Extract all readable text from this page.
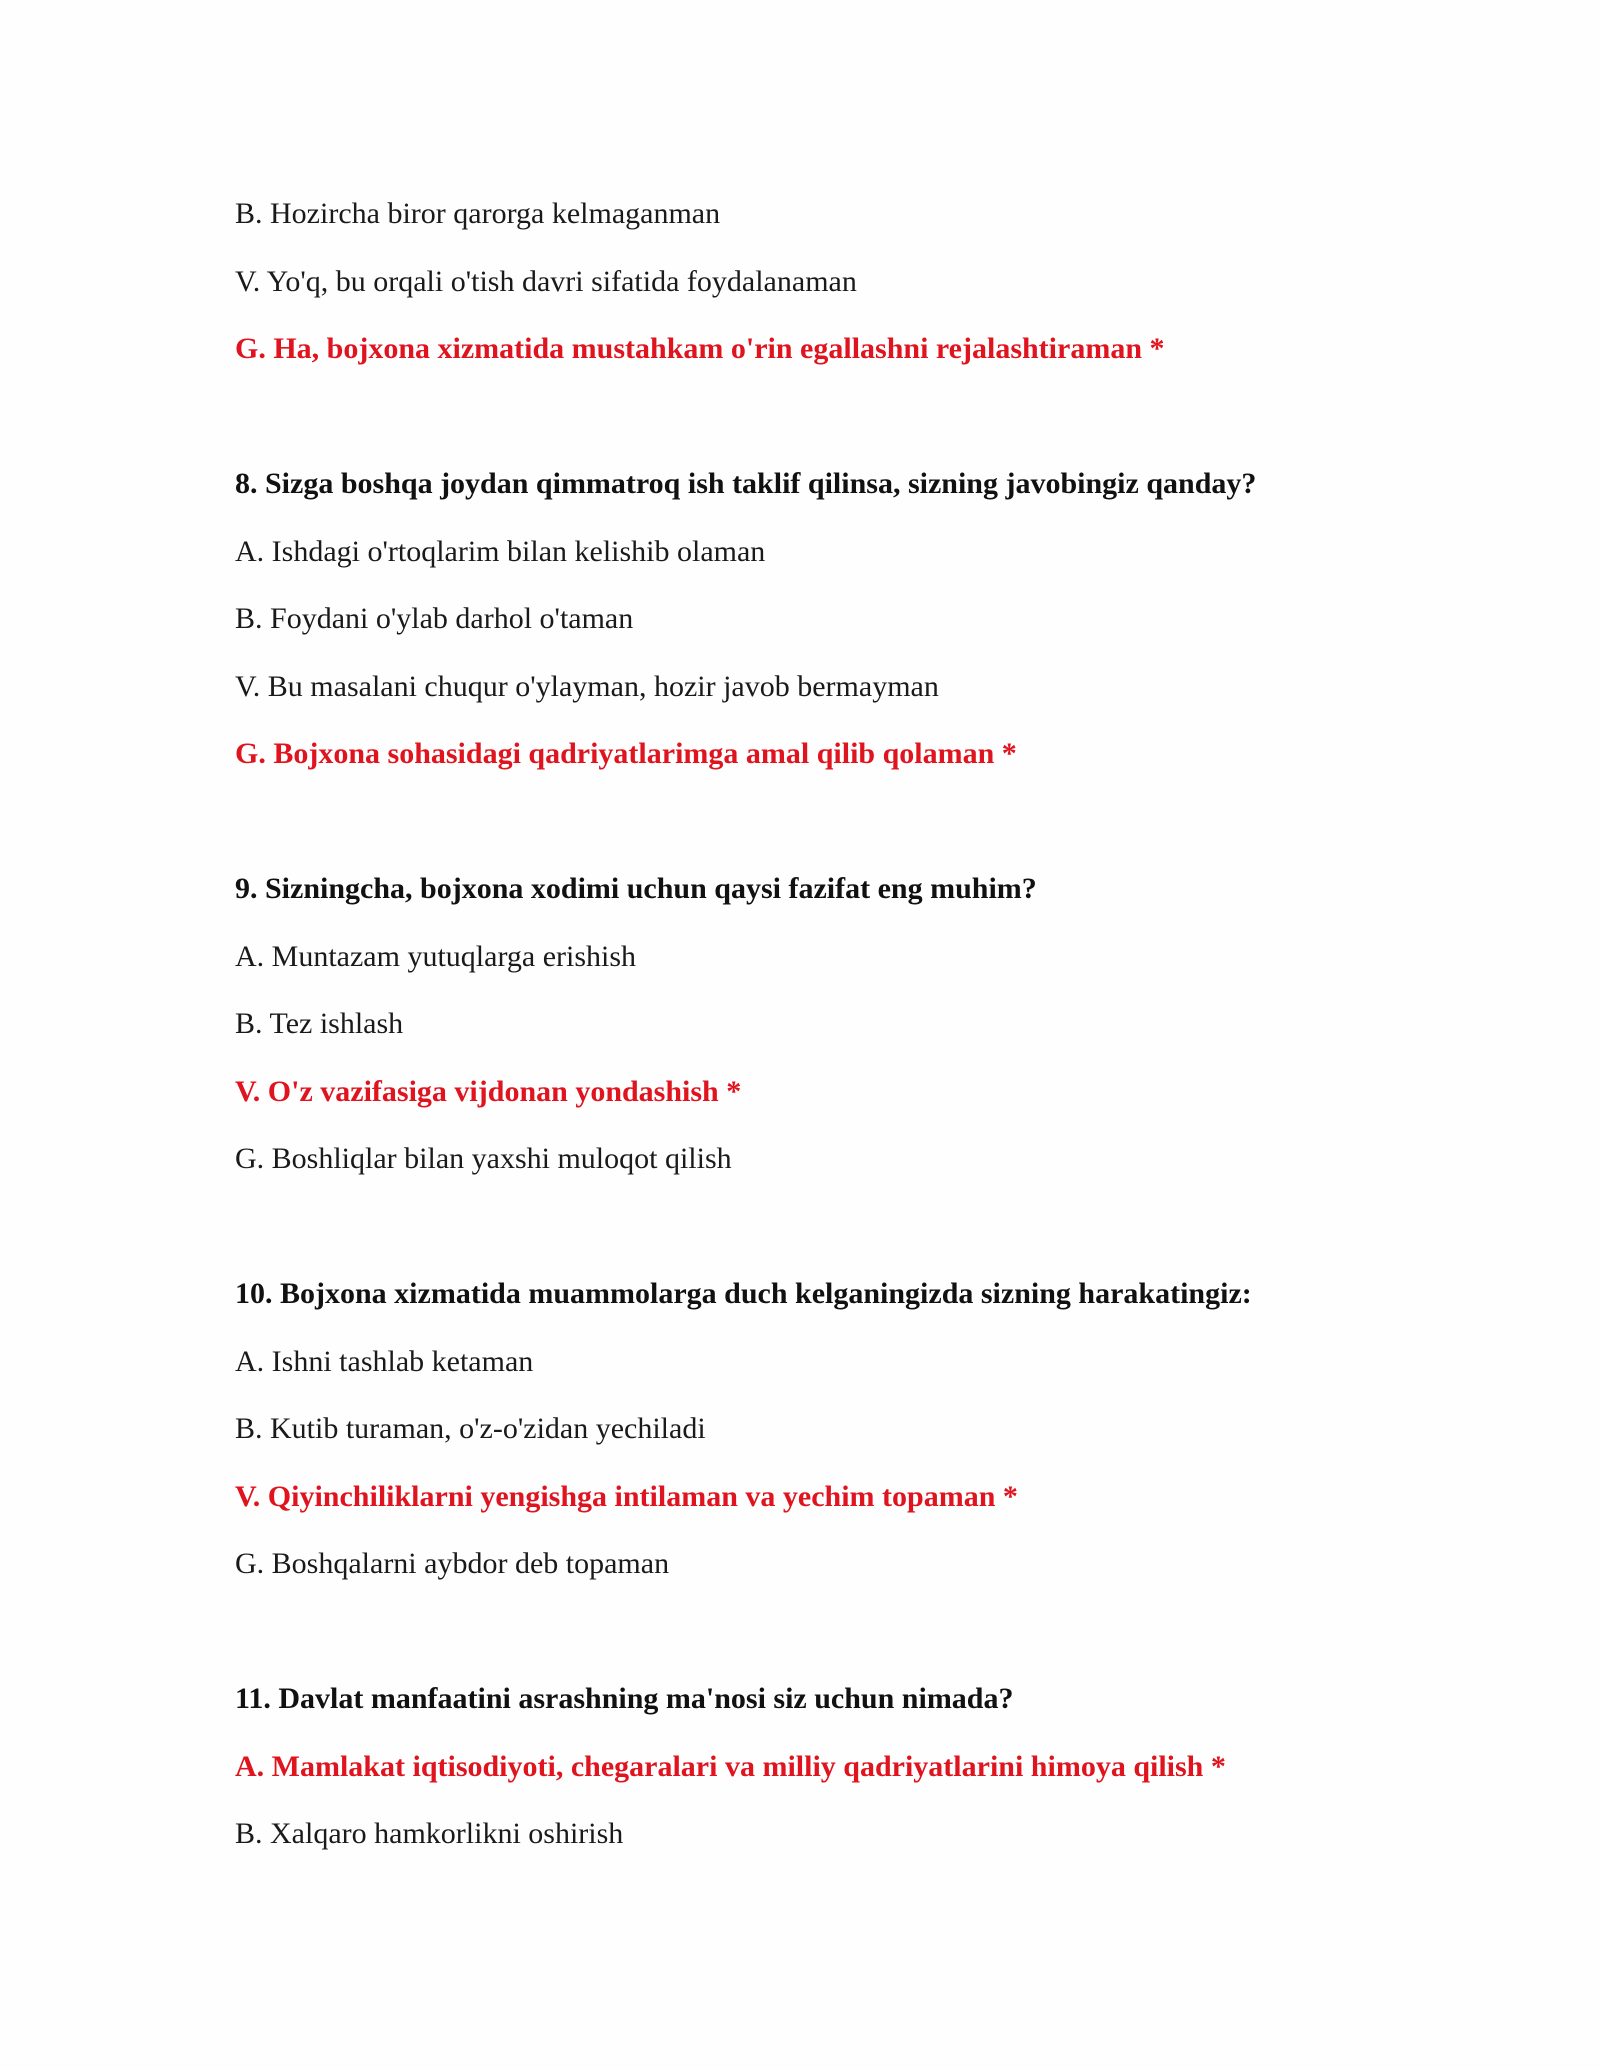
B. Hozircha biror qarorga kelmaganman
V. Yo'q, bu orqali o'tish davri sifatida foydalanaman
G. Ha, bojxona xizmatida mustahkam o'rin egallashni rejalashtiraman *
8. Sizga boshqa joydan qimmatroq ish taklif qilinsa, sizning javobingiz qanday?
A. Ishdagi o'rtoqlarim bilan kelishib olaman
B. Foydani o'ylab darhol o'taman
V. Bu masalani chuqur o'ylayman, hozir javob bermayman
G. Bojxona sohasidagi qadriyatlarimga amal qilib qolaman *
9. Sizningcha, bojxona xodimi uchun qaysi fazifat eng muhim?
A. Muntazam yutuqlarga erishish
B. Tez ishlash
V. O'z vazifasiga vijdonan yondashish *
G. Boshliqlar bilan yaxshi muloqot qilish
10. Bojxona xizmatida muammolarga duch kelganingizda sizning harakatingiz:
A. Ishni tashlab ketaman
B. Kutib turaman, o'z-o'zidan yechiladi
V. Qiyinchiliklarni yengishga intilaman va yechim topaman *
G. Boshqalarni aybdor deb topaman
11. Davlat manfaatini asrashning ma'nosi siz uchun nimada?
A. Mamlakat iqtisodiyoti, chegaralari va milliy qadriyatlarini himoya qilish *
B. Xalqaro hamkorlikni oshirish
